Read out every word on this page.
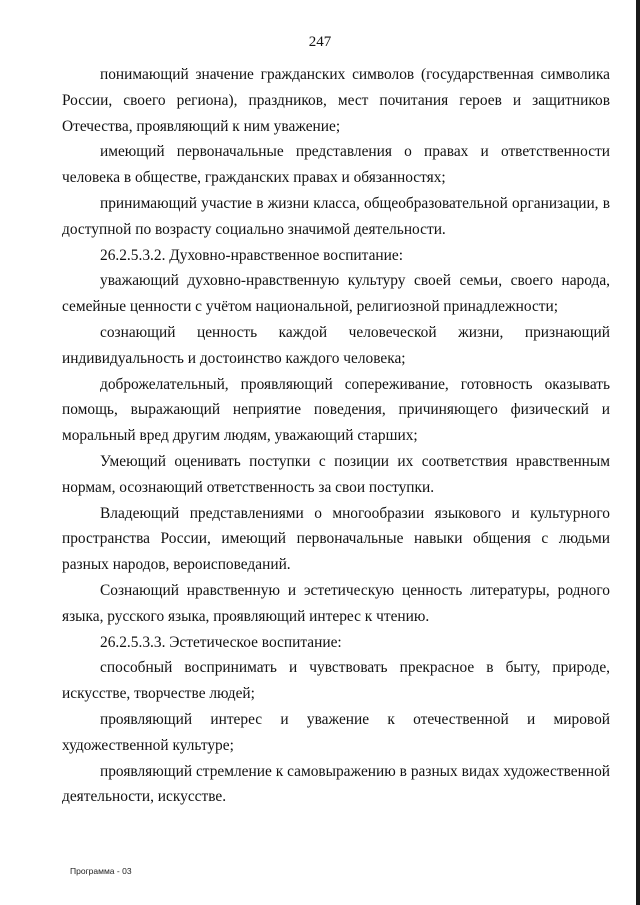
247

понимающий значение гражданских символов (государственная символика России, своего региона), праздников, мест почитания героев и защитников Отечества, проявляющий к ним уважение;

имеющий первоначальные представления о правах и ответственности человека в обществе, гражданских правах и обязанностях;

принимающий участие в жизни класса, общеобразовательной организации, в доступной по возрасту социально значимой деятельности.

26.2.5.3.2. Духовно-нравственное воспитание:

уважающий духовно-нравственную культуру своей семьи, своего народа, семейные ценности с учётом национальной, религиозной принадлежности;

сознающий ценность каждой человеческой жизни, признающий индивидуальность и достоинство каждого человека;

доброжелательный, проявляющий сопереживание, готовность оказывать помощь, выражающий неприятие поведения, причиняющего физический и моральный вред другим людям, уважающий старших;

Умеющий оценивать поступки с позиции их соответствия нравственным нормам, осознающий ответственность за свои поступки.

Владеющий представлениями о многообразии языкового и культурного пространства России, имеющий первоначальные навыки общения с людьми разных народов, вероисповеданий.

Сознающий нравственную и эстетическую ценность литературы, родного языка, русского языка, проявляющий интерес к чтению.

26.2.5.3.3. Эстетическое воспитание:

способный воспринимать и чувствовать прекрасное в быту, природе, искусстве, творчестве людей;

проявляющий интерес и уважение к отечественной и мировой художественной культуре;

проявляющий стремление к самовыражению в разных видах художественной деятельности, искусстве.

Программа - 03
